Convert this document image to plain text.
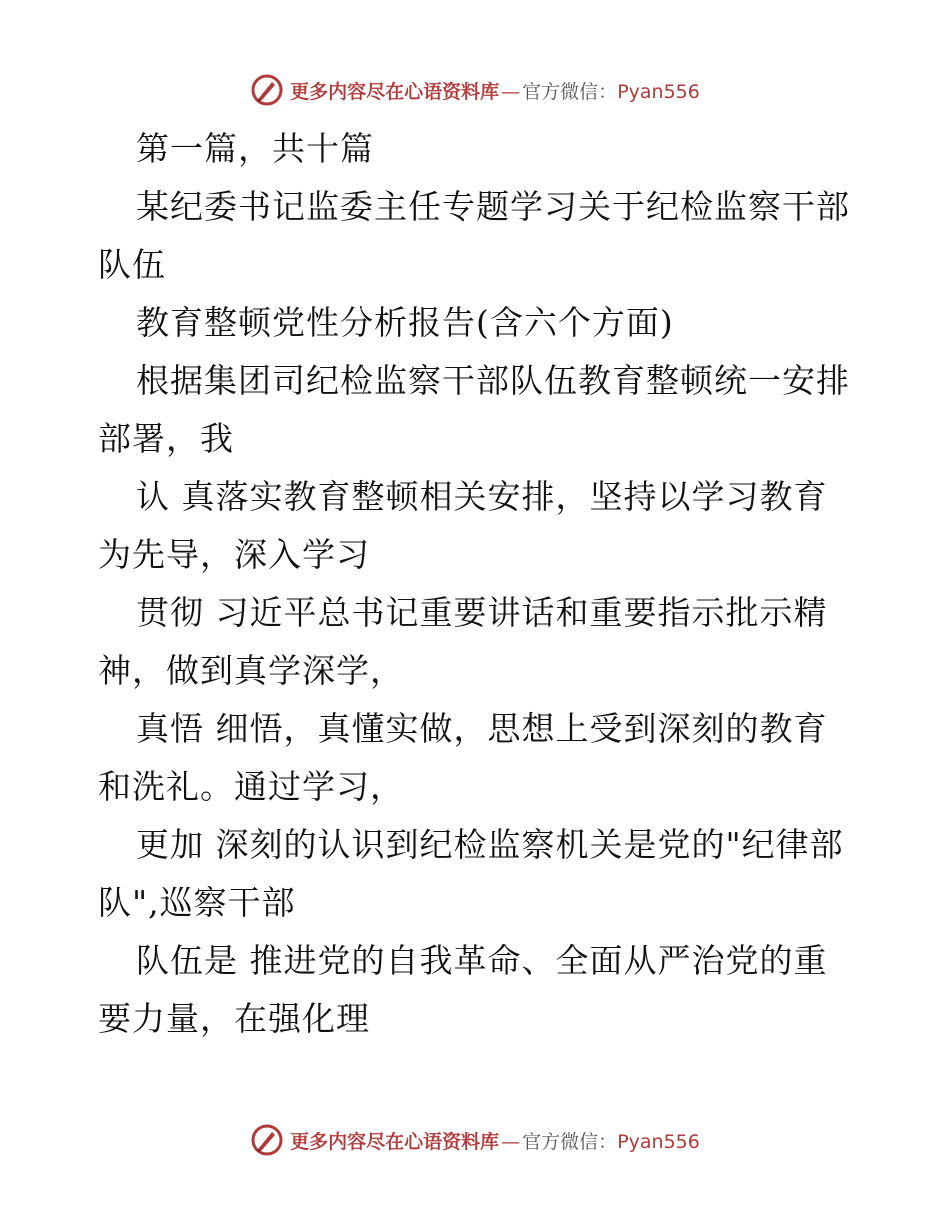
更多内容尽在心语资料库 — 官方微信：Pyan556
第一篇，共十篇
某纪委书记监委主任专题学习关于纪检监察干部
队伍
教育整顿党性分析报告(含六个方面)
根据集团司纪检监察干部队伍教育整顿统一安排
部署，我
认 真落实教育整顿相关安排，坚持以学习教育
为先导，深入学习
贯彻 习近平总书记重要讲话和重要指示批示精
神，做到真学深学，
真悟 细悟，真懂实做，思想上受到深刻的教育
和洗礼。通过学习，
更加 深刻的认识到纪检监察机关是党的"纪律部
队",巡察干部
队伍是 推进党的自我革命、全面从严治党的重
要力量，在强化理
更多内容尽在心语资料库 — 官方微信：Pyan556
